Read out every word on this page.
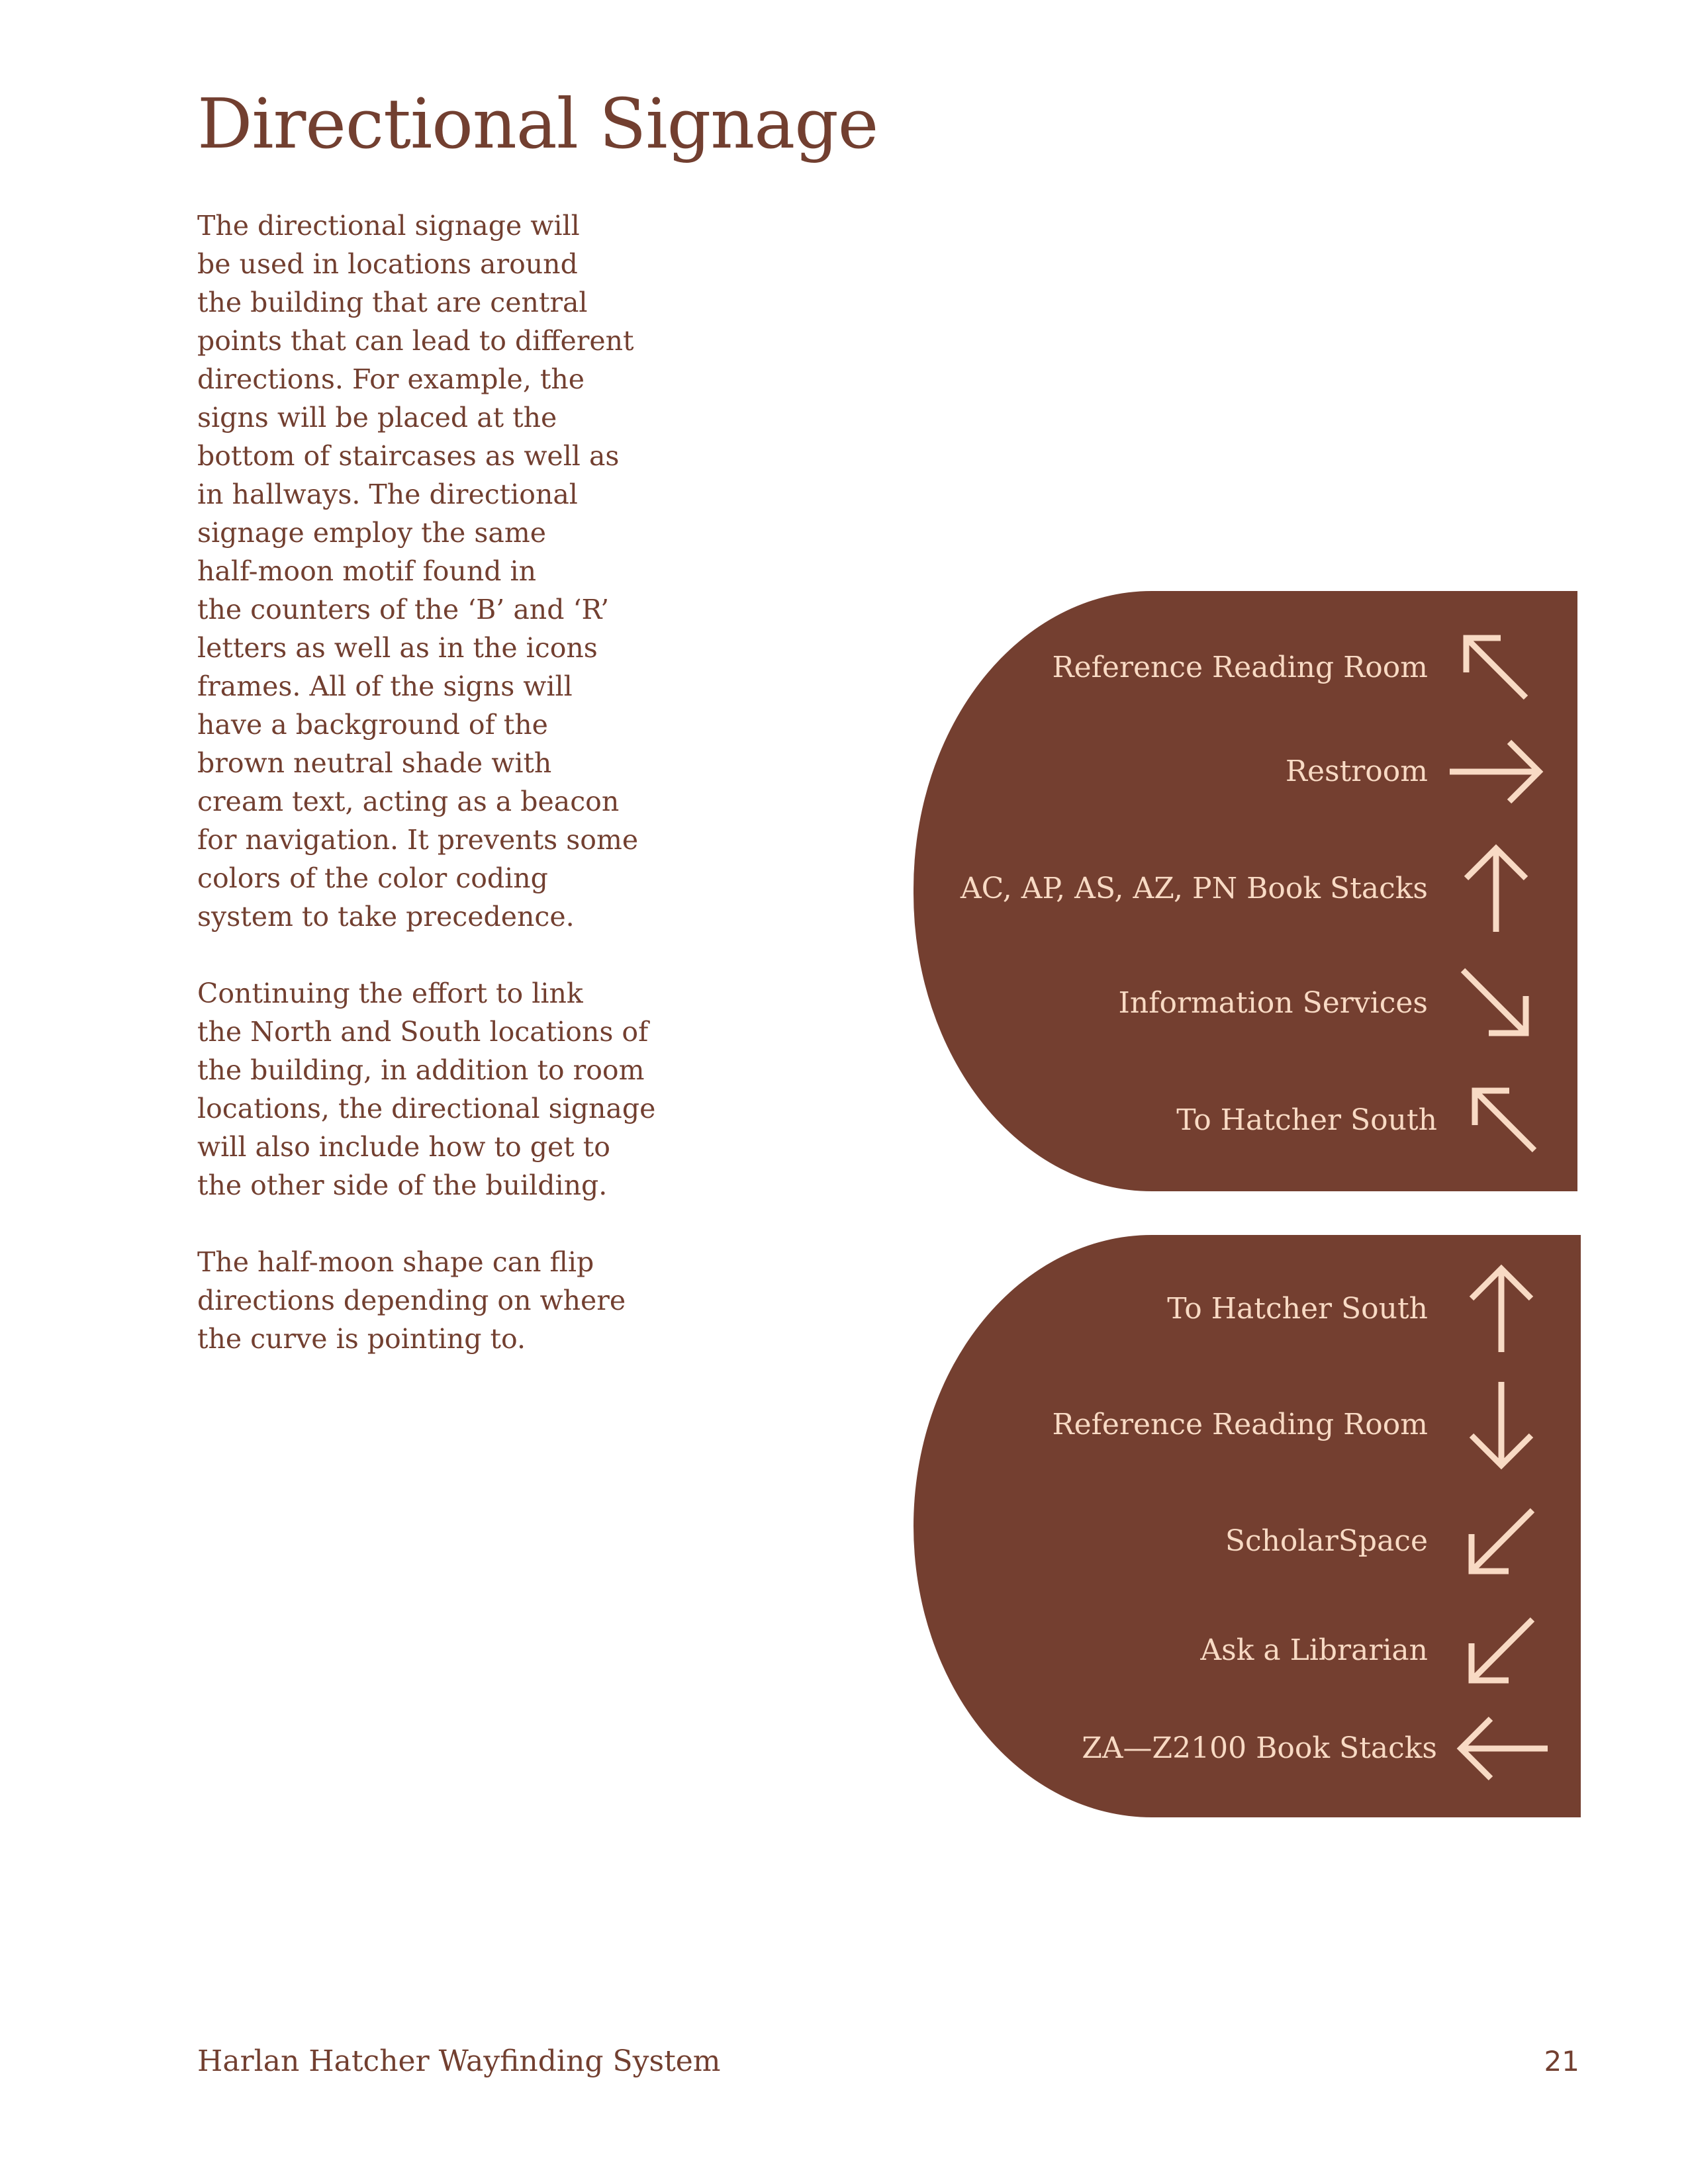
Directional Signage

The directional signage will
be used in locations around
the building that are central
points that can lead to different
directions. For example, the
signs will be placed at the
bottom of staircases as well as
in hallways. The directional
signage employ the same
half-moon motif found in
the counters of the ‘B’ and ‘R’
letters as well as in the icons
frames. All of the signs will
have a background of the
brown neutral shade with
cream text, acting as a beacon
for navigation. It prevents some
colors of the color coding
system to take precedence.

Continuing the effort to link
the North and South locations of
the building, in addition to room
locations, the directional signage
will also include how to get to
the other side of the building.

The half-moon shape can flip
directions depending on where
the curve is pointing to.

Reference Reading Room
Restroom
AC, AP, AS, AZ, PN Book Stacks
Information Services
To Hatcher South
To Hatcher South
Reference Reading Room
ScholarSpace
Ask a Librarian
ZA—Z2100 Book Stacks
Harlan Hatcher Wayfinding System	21
